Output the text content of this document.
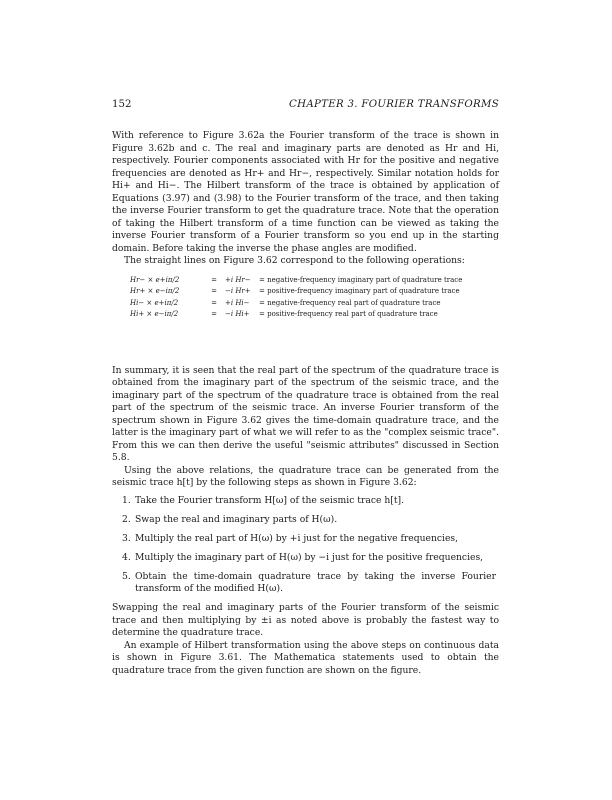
152	CHAPTER 3. FOURIER TRANSFORMS

With reference to Figure 3.62a the Fourier transform of the trace is shown in Figure 3.62b and c. The real and imaginary parts are denoted as Hr and Hi, respectively. Fourier components associated with Hr for the positive and negative frequencies are denoted as Hr+ and Hr−, respectively. Similar notation holds for Hi+ and Hi−. The Hilbert transform of the trace is obtained by application of Equations (3.97) and (3.98) to the Fourier transform of the trace, and then taking the inverse Fourier transform to get the quadrature trace. Note that the operation of taking the Hilbert transform of a time function can be viewed as taking the inverse Fourier transform of a Fourier transform so you end up in the starting domain. Before taking the inverse the phase angles are modified.

The straight lines on Figure 3.62 correspond to the following operations:

Hr− × e+iπ/2	=	+i Hr−	= negative-frequency imaginary part of quadrature trace
Hr+ × e−iπ/2	=	−i Hr+	= positive-frequency imaginary part of quadrature trace
Hi− × e+iπ/2	=	+i Hi−	= negative-frequency real part of quadrature trace
Hi+ × e−iπ/2	=	−i Hi+	= positive-frequency real part of quadrature trace

In summary, it is seen that the real part of the spectrum of the quadrature trace is obtained from the imaginary part of the spectrum of the seismic trace, and the imaginary part of the spectrum of the quadrature trace is obtained from the real part of the spectrum of the seismic trace. An inverse Fourier transform of the spectrum shown in Figure 3.62 gives the time-domain quadrature trace, and the latter is the imaginary part of what we will refer to as the "complex seismic trace". From this we can then derive the useful "seismic attributes" discussed in Section 5.8.

Using the above relations, the quadrature trace can be generated from the seismic trace h[t] by the following steps as shown in Figure 3.62:

1. Take the Fourier transform H[ω] of the seismic trace h[t].
2. Swap the real and imaginary parts of H(ω).
3. Multiply the real part of H(ω) by +i just for the negative frequencies,
4. Multiply the imaginary part of H(ω) by −i just for the positive frequencies,
5. Obtain the time-domain quadrature trace by taking the inverse Fourier transform of the modified H(ω).

Swapping the real and imaginary parts of the Fourier transform of the seismic trace and then multiplying by ±i as noted above is probably the fastest way to determine the quadrature trace.

An example of Hilbert transformation using the above steps on continuous data is shown in Figure 3.61. The Mathematica statements used to obtain the quadrature trace from the given function are shown on the figure.
